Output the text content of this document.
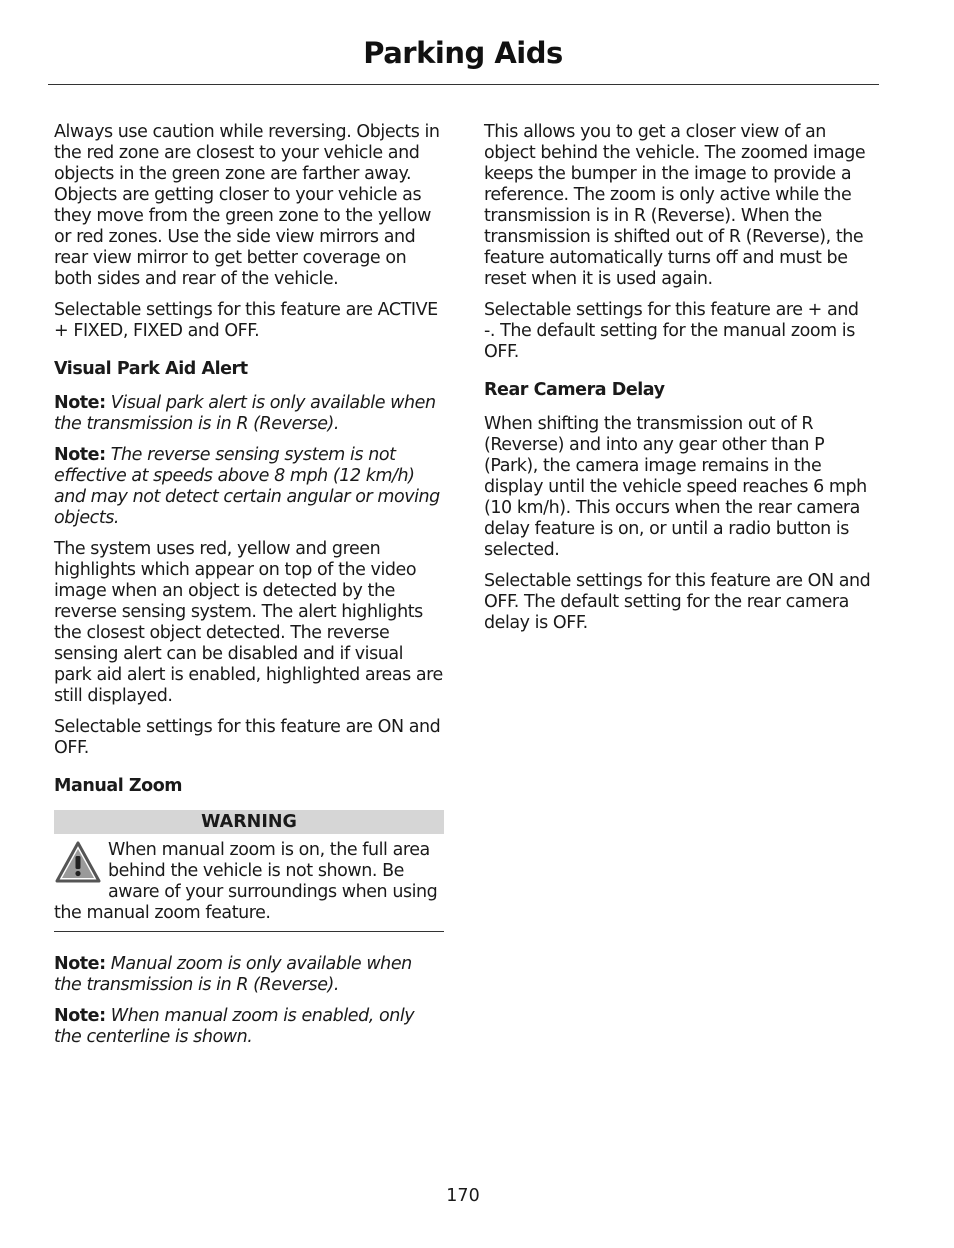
Parking Aids

Always use caution while reversing. Objects in the red zone are closest to your vehicle and objects in the green zone are farther away. Objects are getting closer to your vehicle as they move from the green zone to the yellow or red zones. Use the side view mirrors and rear view mirror to get better coverage on both sides and rear of the vehicle.

Selectable settings for this feature are ACTIVE + FIXED, FIXED and OFF.

Visual Park Aid Alert

Note: Visual park alert is only available when the transmission is in R (Reverse).

Note: The reverse sensing system is not effective at speeds above 8 mph (12 km/h) and may not detect certain angular or moving objects.

The system uses red, yellow and green highlights which appear on top of the video image when an object is detected by the reverse sensing system. The alert highlights the closest object detected. The reverse sensing alert can be disabled and if visual park aid alert is enabled, highlighted areas are still displayed.

Selectable settings for this feature are ON and OFF.

Manual Zoom
WARNING
When manual zoom is on, the full area behind the vehicle is not shown. Be aware of your surroundings when using the manual zoom feature.

Note: Manual zoom is only available when the transmission is in R (Reverse).

Note: When manual zoom is enabled, only the centerline is shown.

This allows you to get a closer view of an object behind the vehicle. The zoomed image keeps the bumper in the image to provide a reference. The zoom is only active while the transmission is in R (Reverse). When the transmission is shifted out of R (Reverse), the feature automatically turns off and must be reset when it is used again.

Selectable settings for this feature are + and -. The default setting for the manual zoom is OFF.

Rear Camera Delay

When shifting the transmission out of R (Reverse) and into any gear other than P (Park), the camera image remains in the display until the vehicle speed reaches 6 mph (10 km/h). This occurs when the rear camera delay feature is on, or until a radio button is selected.

Selectable settings for this feature are ON and OFF. The default setting for the rear camera delay is OFF.

170
